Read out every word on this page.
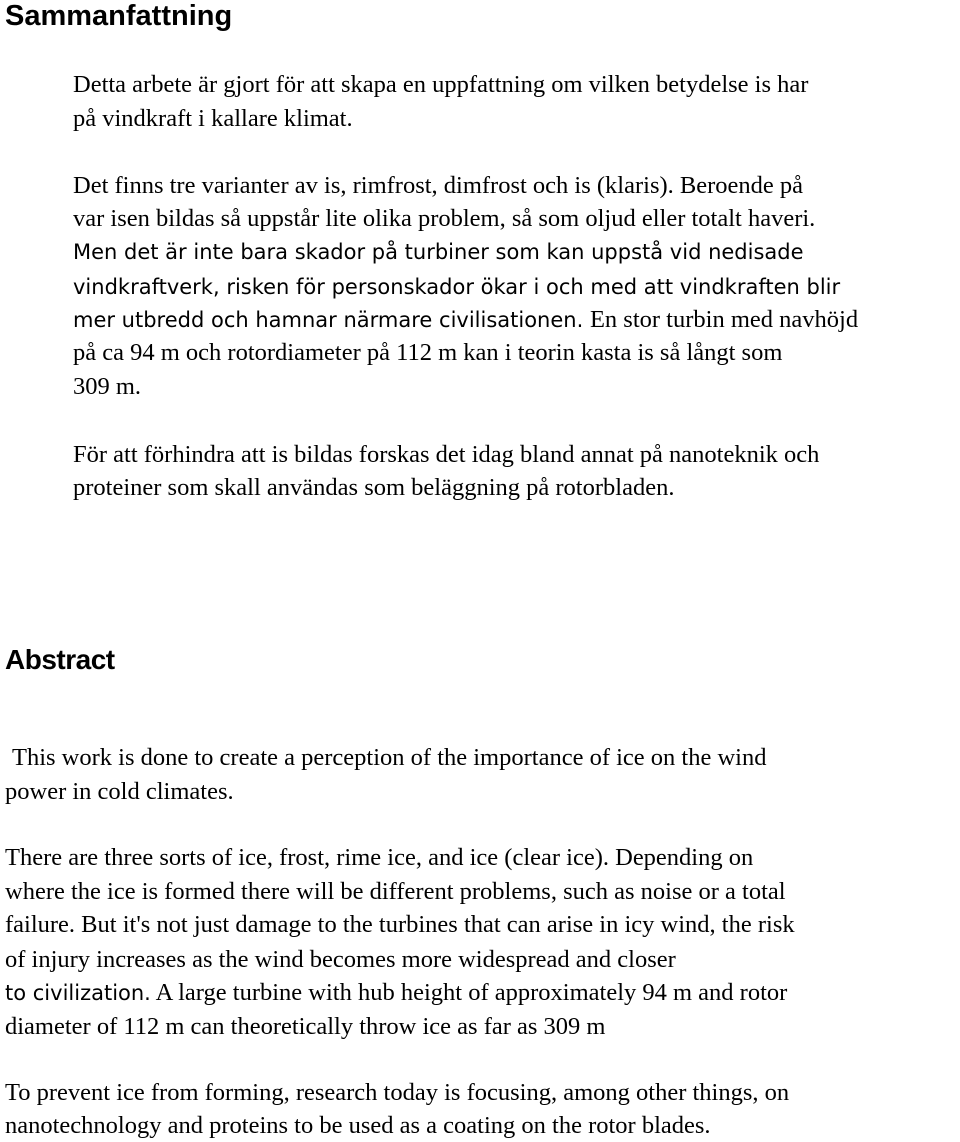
Sammanfattning
Detta arbete är gjort för att skapa en uppfattning om vilken betydelse is har
på vindkraft i kallare klimat.
Det finns tre varianter av is, rimfrost, dimfrost och is (klaris). Beroende på
var isen bildas så uppstår lite olika problem, så som oljud eller totalt haveri.
Men det är inte bara skador på turbiner som kan uppstå vid nedisade
vindkraftverk, risken för personskador ökar i och med att vindkraften blir
mer utbredd och hamnar närmare civilisationen. En stor turbin med navhöjd
på ca 94 m och rotordiameter på 112 m kan i teorin kasta is så långt som
309 m.
För att förhindra att is bildas forskas det idag bland annat på nanoteknik och
proteiner som skall användas som beläggning på rotorbladen.
Abstract
This work is done to create a perception of the importance of ice on the wind
power in cold climates.
There are three sorts of ice, frost, rime ice, and ice (clear ice). Depending on
where the ice is formed there will be different problems, such as noise or a total
failure. But it's not just damage to the turbines that can arise in icy wind, the risk
of injury increases as the wind becomes more widespread and closer
to civilization. A large turbine with hub height of approximately 94 m and rotor
diameter of 112 m can theoretically throw ice as far as 309 m
To prevent ice from forming, research today is focusing, among other things, on
nanotechnology and proteins to be used as a coating on the rotor blades.
